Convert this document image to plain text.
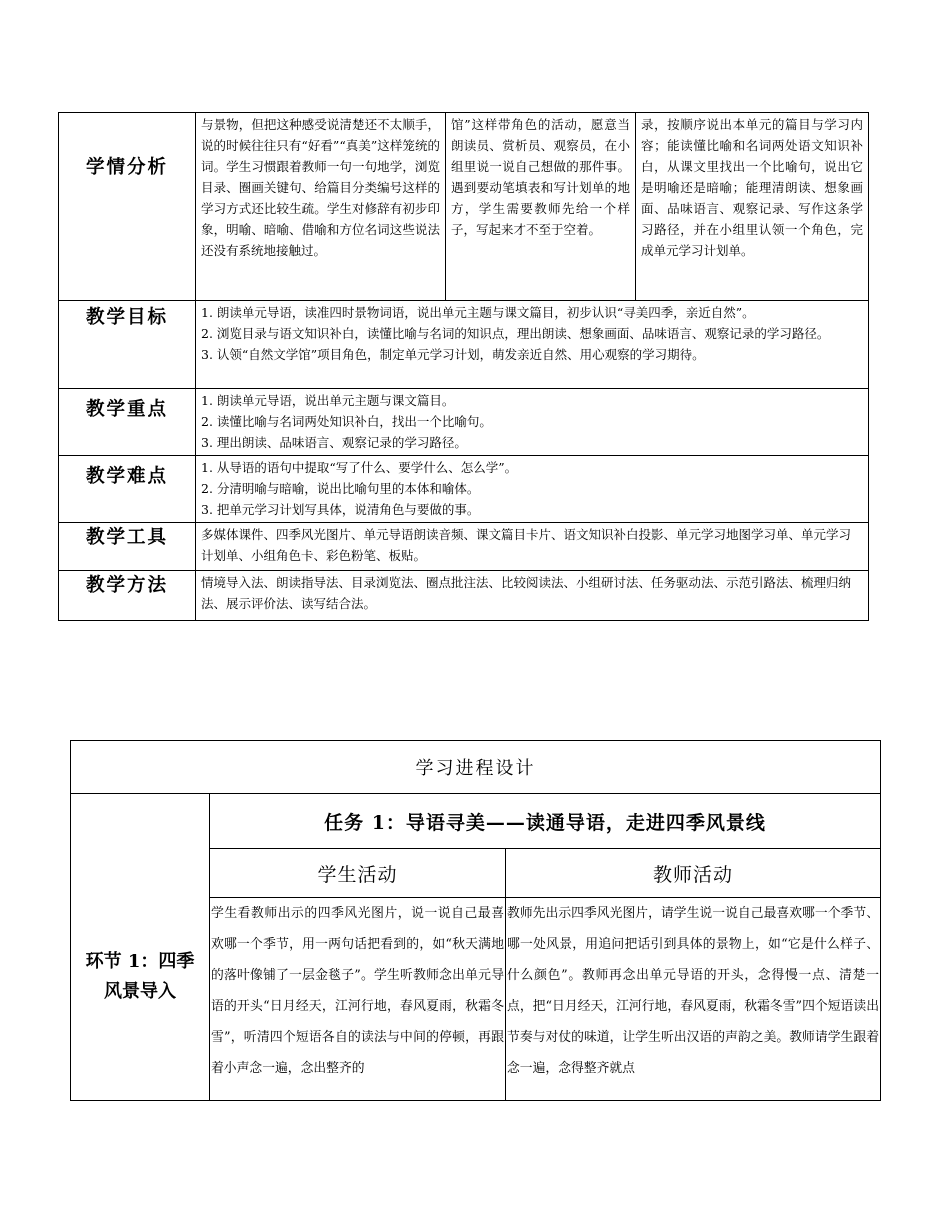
学情分析	与景物，但把这种感受说清楚还不太顺手，说的时候往往只有“好看”“真美”这样笼统的词。学生习惯跟着教师一句一句地学，浏览目录、圈画关键句、给篇目分类编号这样的学习方式还比较生疏。学生对修辞有初步印象，明喻、暗喻、借喻和方位名词这些说法还没有系统地接触过。	馆”这样带角色的活动，愿意当朗读员、赏析员、观察员，在小组里说一说自己想做的那件事。遇到要动笔填表和写计划单的地方，学生需要教师先给一个样子，写起来才不至于空着。	录，按顺序说出本单元的篇目与学习内容；能读懂比喻和名词两处语文知识补白，从课文里找出一个比喻句，说出它是明喻还是暗喻；能理清朗读、想象画面、品味语言、观察记录、写作这条学习路径，并在小组里认领一个角色，完成单元学习计划单。
教学目标	1. 朗读单元导语，读准四时景物词语，说出单元主题与课文篇目，初步认识“寻美四季，亲近自然”。
2. 浏览目录与语文知识补白，读懂比喻与名词的知识点，理出朗读、想象画面、品味语言、观察记录的学习路径。
3. 认领“自然文学馆”项目角色，制定单元学习计划，萌发亲近自然、用心观察的学习期待。		

教学重点	1. 朗读单元导语，说出单元主题与课文篇目。
2. 读懂比喻与名词两处知识补白，找出一个比喻句。
3. 理出朗读、品味语言、观察记录的学习路径。		

教学难点	1. 从导语的语句中提取“写了什么、要学什么、怎么学”。
2. 分清明喻与暗喻，说出比喻句里的本体和喻体。
3. 把单元学习计划写具体，说清角色与要做的事。		

教学工具	多媒体课件、四季风光图片、单元导语朗读音频、课文篇目卡片、语文知识补白投影、单元学习地图学习单、单元学习计划单、小组角色卡、彩色粉笔、板贴。		
教学方法	情境导入法、朗读指导法、目录浏览法、圈点批注法、比较阅读法、小组研讨法、任务驱动法、示范引路法、梳理归纳法、展示评价法、读写结合法。		
学习进程设计		
环节 1：四季风景导入	任务 1：导语寻美——读通导语，走进四季风景线	
	学生活动	教师活动

	学生看教师出示的四季风光图片，说一说自己最喜欢哪一个季节，用一两句话把看到的，如“秋天满地的落叶像铺了一层金毯子”。学生听教师念出单元导语的开头“日月经天，江河行地，春风夏雨，秋霜冬雪”，听清四个短语各自的读法与中间的停顿，再跟着小声念一遍，念出整齐的	教师先出示四季风光图片，请学生说一说自己最喜欢哪一个季节、哪一处风景，用追问把话引到具体的景物上，如“它是什么样子、什么颜色”。教师再念出单元导语的开头，念得慢一点、清楚一点，把“日月经天，江河行地，春风夏雨，秋霜冬雪”四个短语读出节奏与对仗的味道，让学生听出汉语的声韵之美。教师请学生跟着念一遍，念得整齐就点
